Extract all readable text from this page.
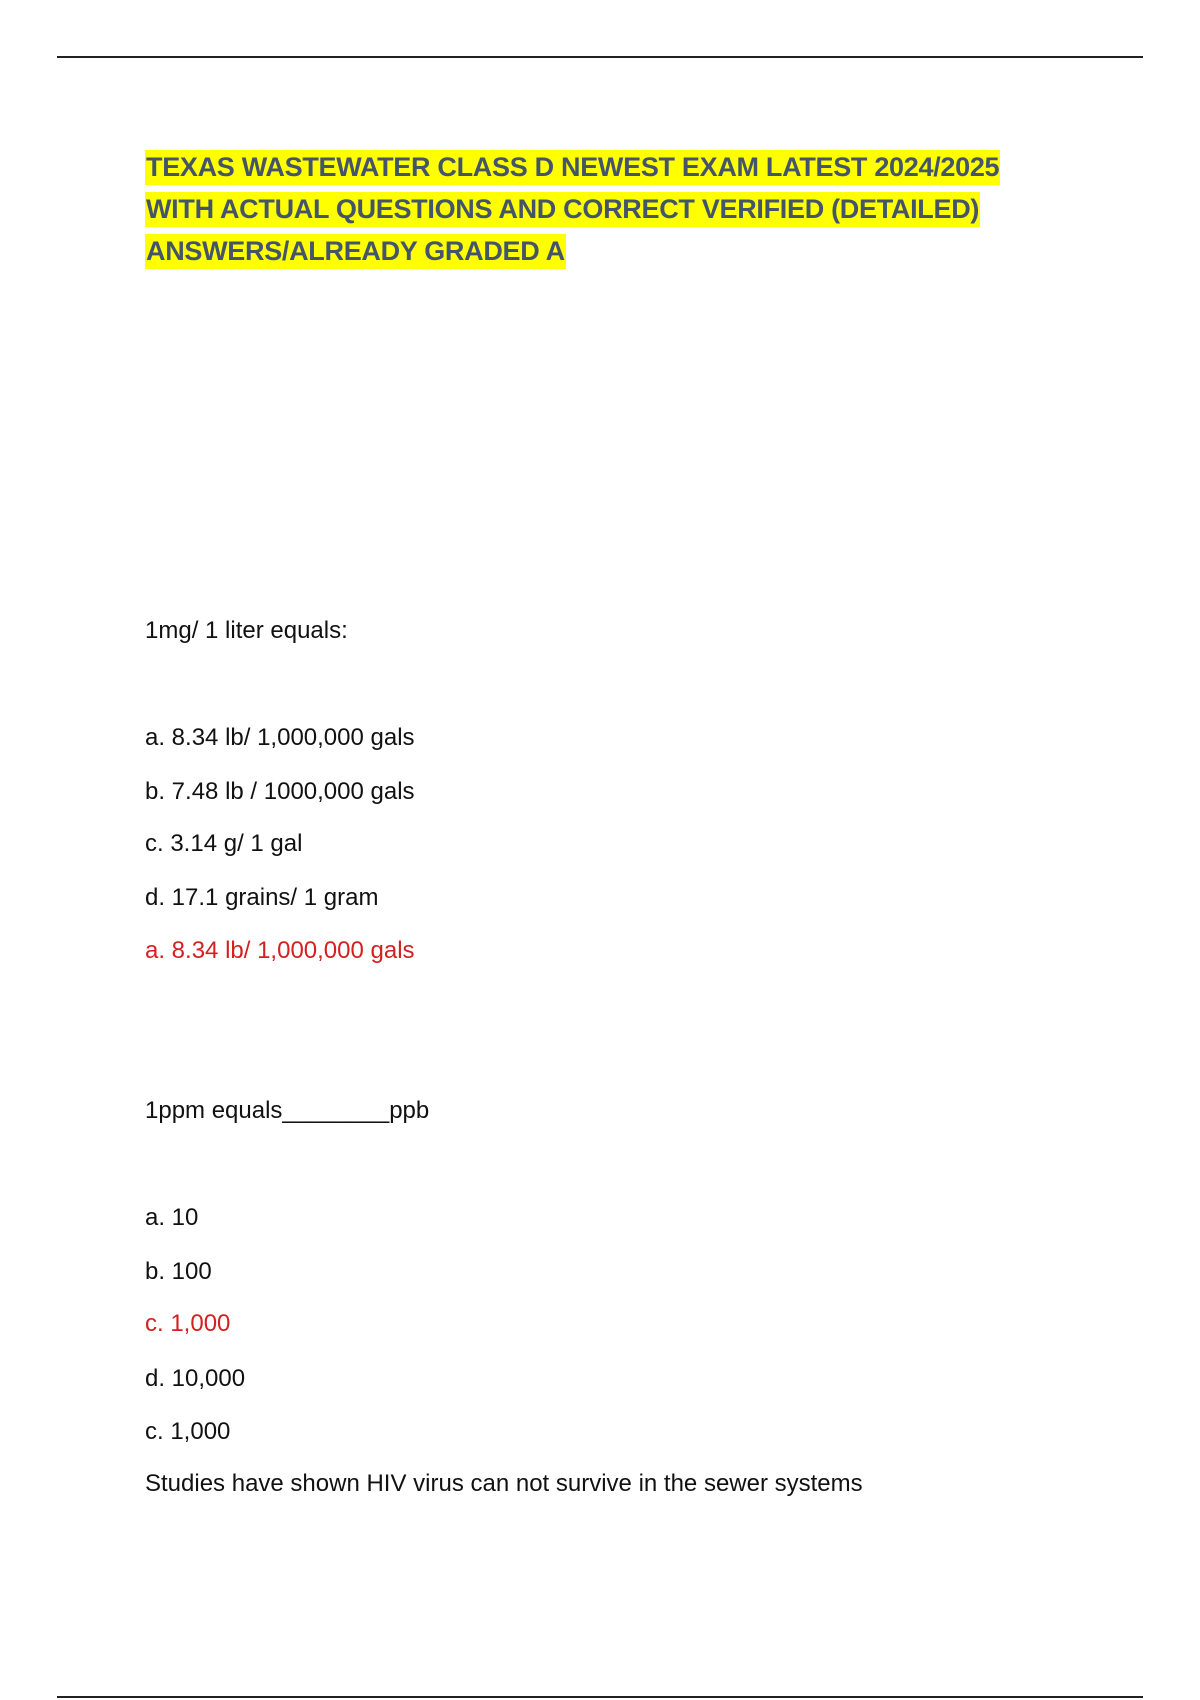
TEXAS WASTEWATER CLASS D NEWEST EXAM LATEST 2024/2025
WITH ACTUAL QUESTIONS AND CORRECT VERIFIED (DETAILED)
ANSWERS/ALREADY GRADED A
1mg/ 1 liter equals:
a. 8.34 lb/ 1,000,000 gals
b. 7.48 lb / 1000,000 gals
c. 3.14 g/ 1 gal
d. 17.1 grains/ 1 gram
a. 8.34 lb/ 1,000,000 gals
1ppm equals________ppb
a. 10
b. 100
c. 1,000
d. 10,000
c. 1,000
Studies have shown HIV virus can not survive in the sewer systems
